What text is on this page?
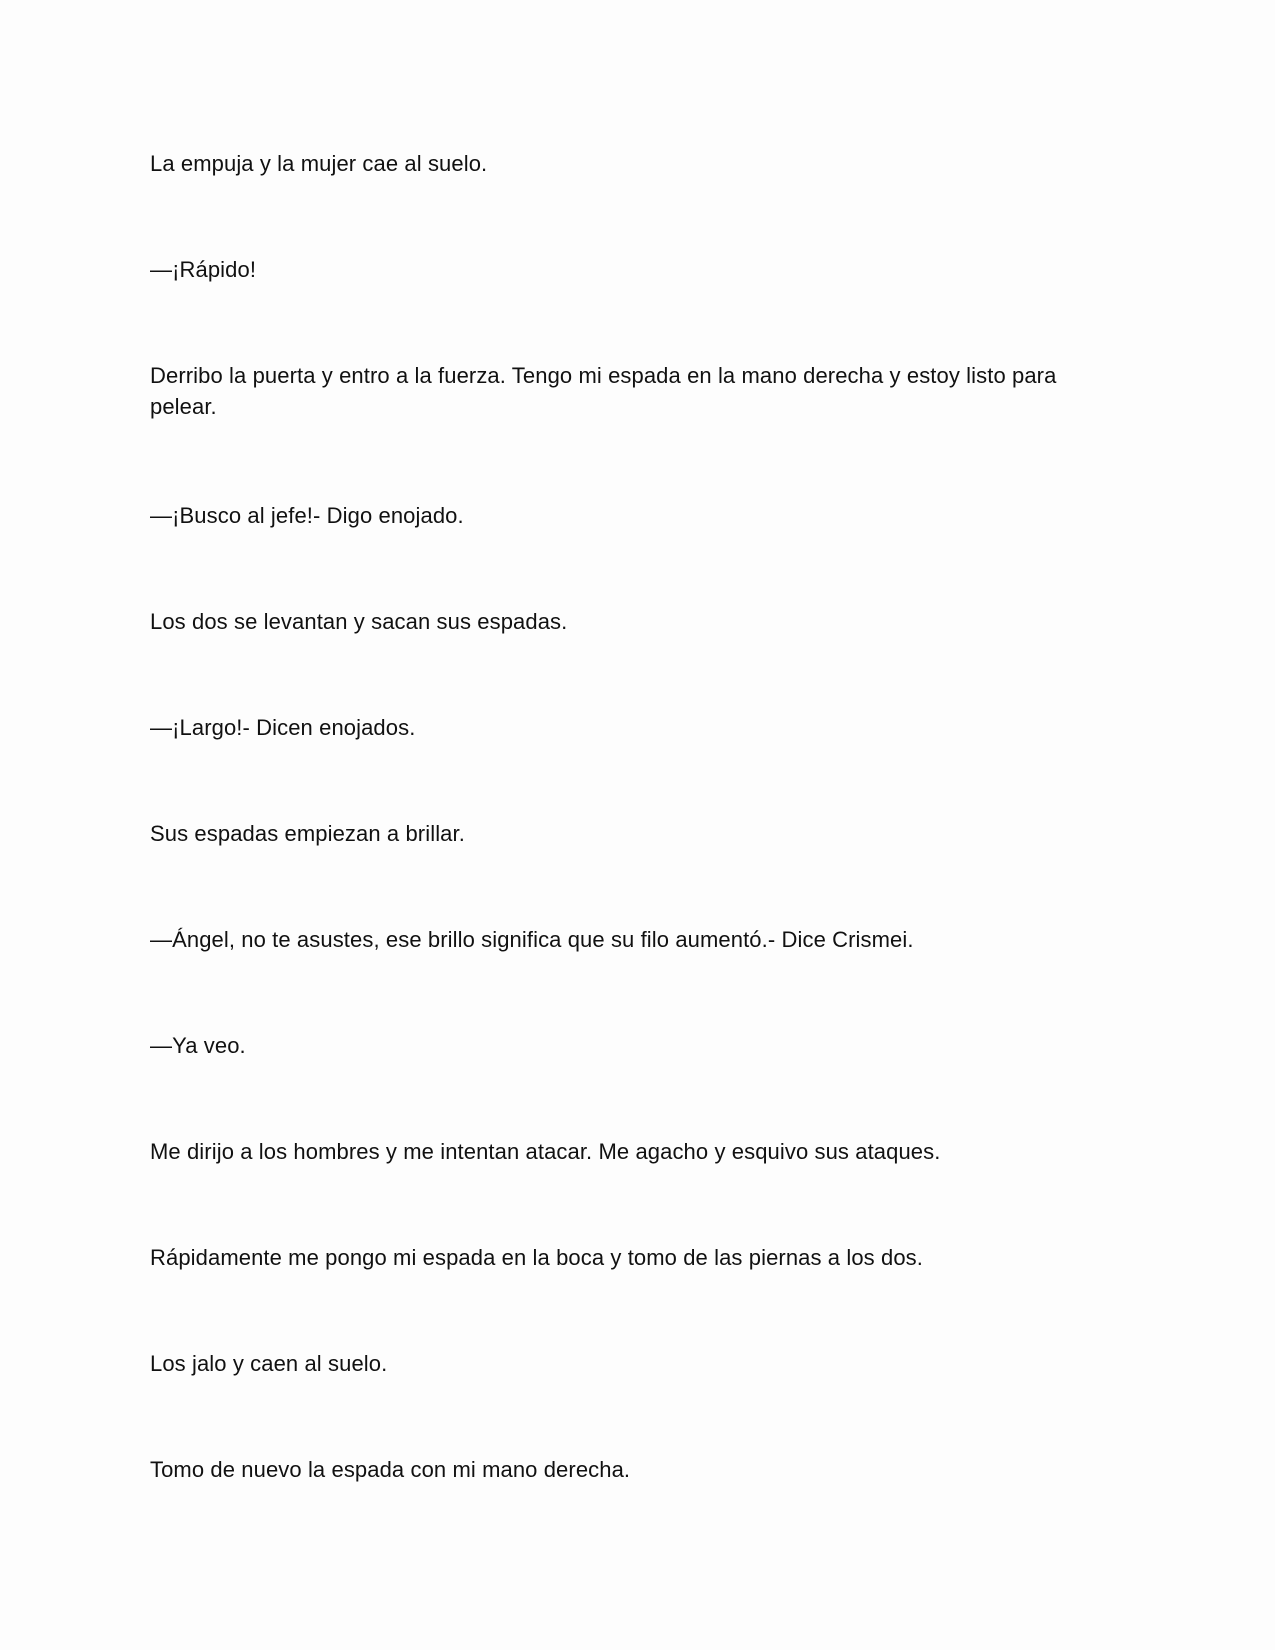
La empuja y la mujer cae al suelo.

—¡Rápido!

Derribo la puerta y entro a la fuerza. Tengo mi espada en la mano derecha y estoy listo para pelear.

—¡Busco al jefe!- Digo enojado.

Los dos se levantan y sacan sus espadas.

—¡Largo!- Dicen enojados.

Sus espadas empiezan a brillar.

—Ángel, no te asustes, ese brillo significa que su filo aumentó.- Dice Crismei.

—Ya veo.

Me dirijo a los hombres y me intentan atacar. Me agacho y esquivo sus ataques.

Rápidamente me pongo mi espada en la boca y tomo de las piernas a los dos.

Los jalo y caen al suelo.

Tomo de nuevo la espada con mi mano derecha.
